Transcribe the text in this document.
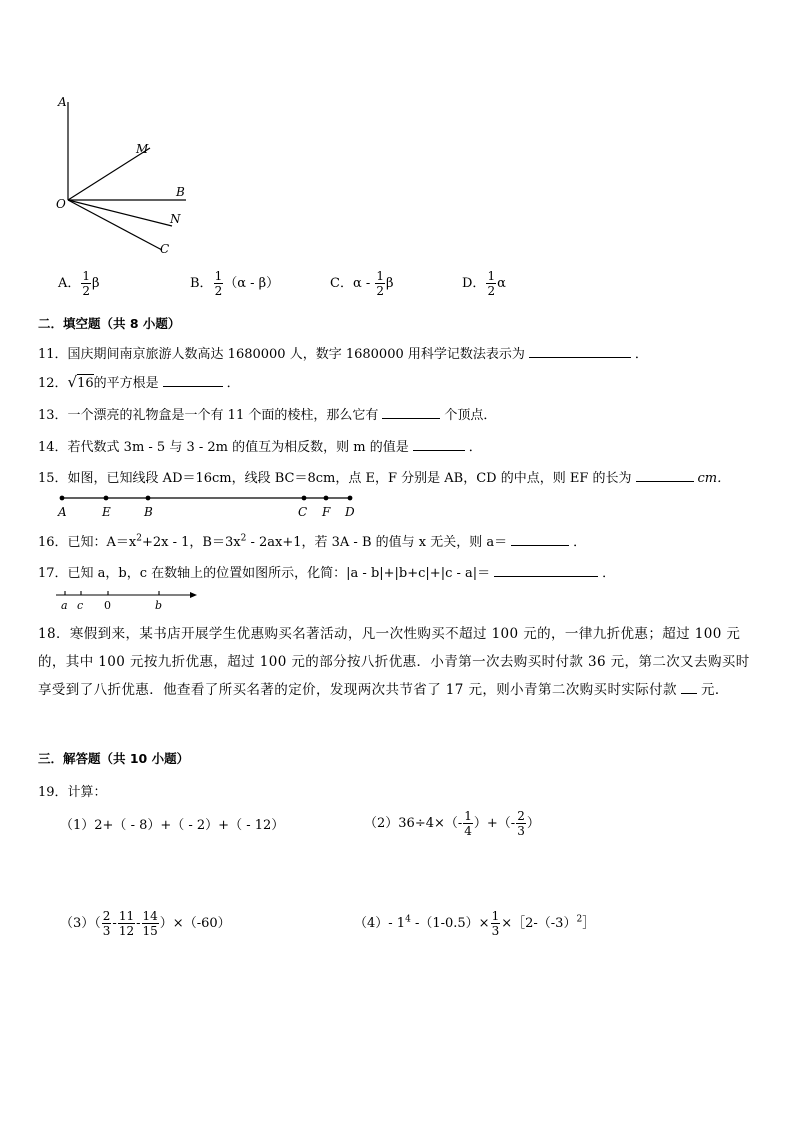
A
M
B
O
N
C
A． $\frac{1}{2}$ β	B． $\frac{1}{2} (\alpha - \beta)$	C．α - $\frac{1}{2}$ β	D． $\frac{1}{2}$ α
二．填空题（共 8 小题）
11．国庆期间南京旅游人数高达 1680000 人，数字 1680000 用科学记数法表示为	．
12．√16的平方根是	．
13．一个漂亮的礼物盒是一个有 11 个面的棱柱，那么它有	个顶点．
14．若代数式 3m - 5 与 3 - 2m 的值互为相反数，则 m 的值是	．
15．如图，已知线段 AD＝16cm，线段 BC＝8cm，点 E，F 分别是 AB，CD 的中点，则 EF 的长为	cm．
A	E	B	C F D
16．已知：$A=x^2+2x - 1$，$B=3x^2 - 2ax+1$，若 3A - B 的值与 x 无关，则 a＝	．
17．已知 a，b，c 在数轴上的位置如图所示，化简：|a - b|+|b+c|+|c - a|＝	．
a c 0	b
18．寒假到来，某书店开展学生优惠购买名著活动，凡一次性购买不超过 100 元的，一律九折优惠；超过 100 元的，其中 100 元按九折优惠，超过 100 元的部分按八折优惠．小青第一次去购买时付款 36 元，第二次又去购买时享受到了八折优惠．他查看了所买名著的定价，发现两次共节省了 17 元，则小青第二次购买时实际付款 元．
三．解答题（共 10 小题）
19．计算：
（1）2+（ - 8）+（ - 2）+（ - 12）	$(2)36\div 4\times(- \frac{1}{4}$ ）+（- $\frac{2}{3}$ ）
$(3)( \frac{2}{3} - \frac{11}{12} - \frac{14}{15} )\times(-60)$	（4）- $1^4$ $-(1-0.5)\times \frac{1}{3}$ $\times[2-(-3)^2]$
